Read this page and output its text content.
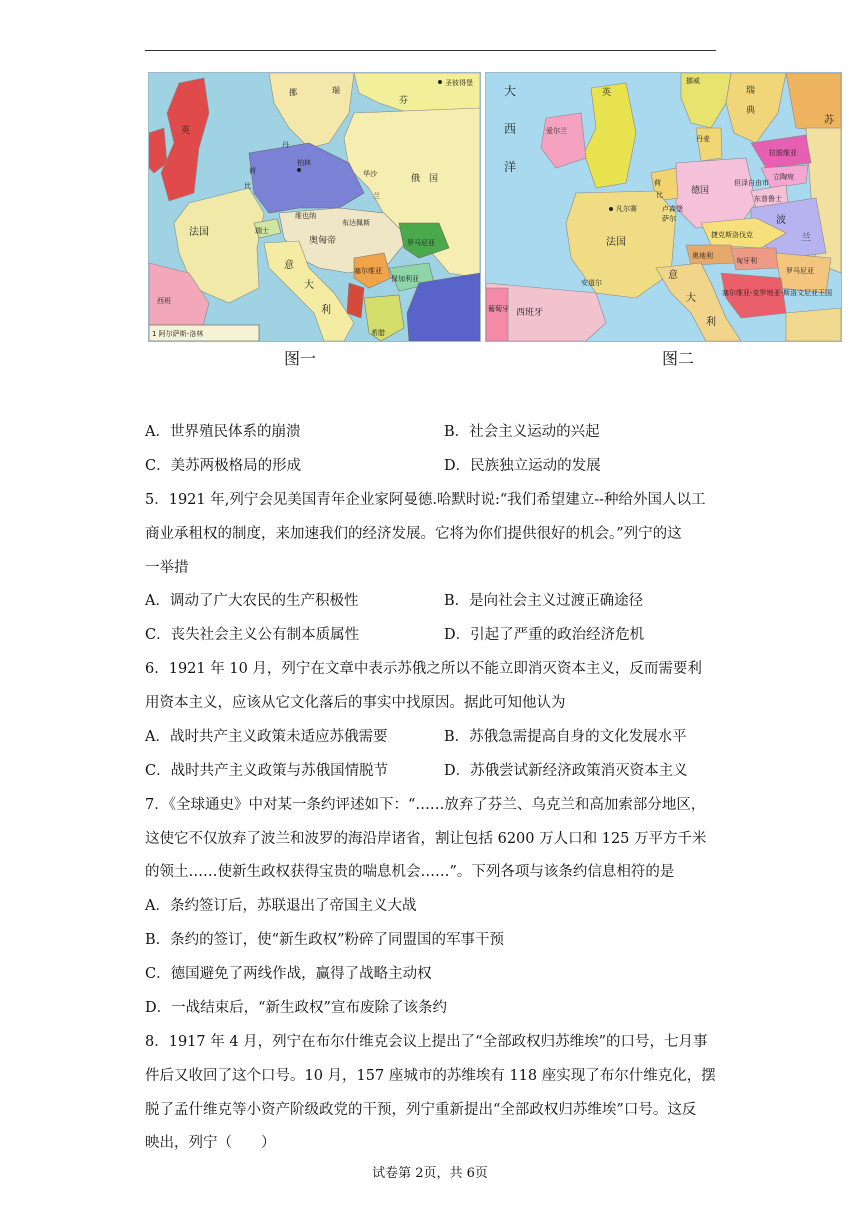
圣彼得堡
芬
瑞
挪
丹
英
荷
比
柏林
华沙	俄　国
兰
法国	瑞士
维也纳
布达佩斯
奥匈帝	罗马尼亚
塞尔维亚
保加利亚
意
大
利
西班
希腊
1 阿尔萨斯-洛林
大
西
洋
英
爱尔兰
挪威
瑞
典
丹麦
拉脱维亚
立陶宛
但泽自由市
东普鲁士
荷
比	德国
波
兰
凡尔赛	卢森堡
萨尔
法国
捷克斯洛伐克
奥地利
匈牙利
罗马尼亚
塞尔维亚-克罗地亚-斯洛文尼亚王国
意
大
利
西班牙
葡萄牙
安道尔
苏
图一	图二
A．世界殖民体系的崩溃	B．社会主义运动的兴起
C．美苏两极格局的形成	D．民族独立运动的发展
5．1921 年,列宁会见美国青年企业家阿曼德.哈默时说:“我们希望建立--种给外国人以工
商业承租权的制度，来加速我们的经济发展。它将为你们提供很好的机会。”列宁的这
一举措
A．调动了广大农民的生产积极性	B．是向社会主义过渡正确途径
C．丧失社会主义公有制本质属性	D．引起了严重的政治经济危机
6．1921 年 10 月，列宁在文章中表示苏俄之所以不能立即消灭资本主义，反而需要利
用资本主义，应该从它文化落后的事实中找原因。据此可知他认为
A．战时共产主义政策未适应苏俄需要	B．苏俄急需提高自身的文化发展水平
C．战时共产主义政策与苏俄国情脱节	D．苏俄尝试新经济政策消灭资本主义
7．《全球通史》中对某一条约评述如下：“……放弃了芬兰、乌克兰和高加索部分地区，
这使它不仅放弃了波兰和波罗的海沿岸诸省，割让包括 6200 万人口和 125 万平方千米
的领土……使新生政权获得宝贵的喘息机会……”。下列各项与该条约信息相符的是
A．条约签订后，苏联退出了帝国主义大战
B．条约的签订，使“新生政权”粉碎了同盟国的军事干预
C．德国避免了两线作战，赢得了战略主动权
D．一战结束后，“新生政权”宣布废除了该条约
8．1917 年 4 月，列宁在布尔什维克会议上提出了“全部政权归苏维埃”的口号，七月事
件后又收回了这个口号。10 月，157 座城市的苏维埃有 118 座实现了布尔什维克化，摆
脱了孟什维克等小资产阶级政党的干预，列宁重新提出“全部政权归苏维埃”口号。这反
映出，列宁（　　）
试卷第 2页，共 6页
